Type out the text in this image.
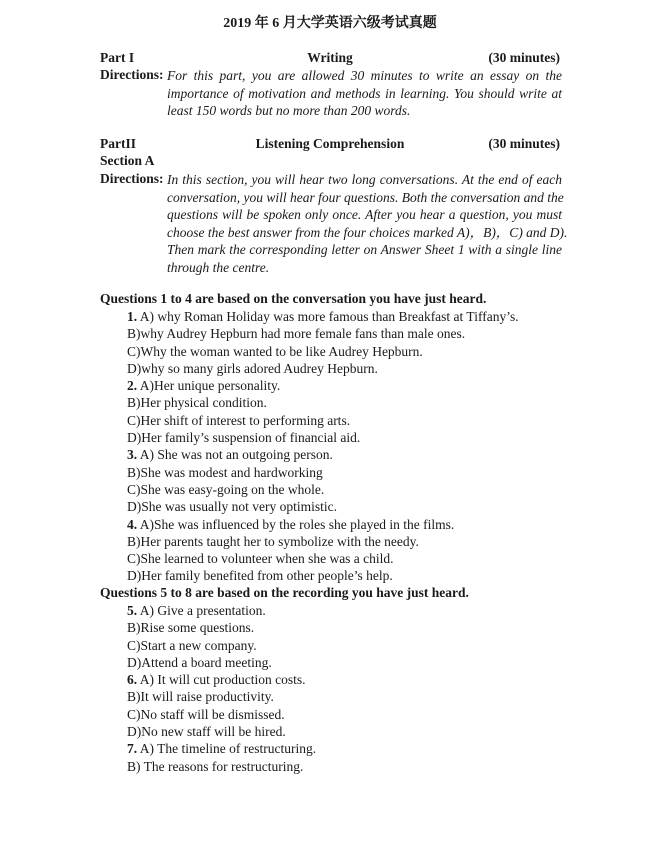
2019 年 6 月大学英语六级考试真题
Part I	Writing	(30 minutes)
Directions: For this part, you are allowed 30 minutes to write an essay on the
importance of motivation and methods in learning. You should write at
least 150 words but no more than 200 words.
PartII	Listening Comprehension	(30 minutes)
Section A
Directions: In this section, you will hear two long conversations. At the end of each
conversation, you will hear four questions. Both the conversation and the
questions will be spoken only once. After you hear a question, you must
choose the best answer from the four choices marked A)，B)，C) and D).
Then mark the corresponding letter on Answer Sheet 1 with a single line
through the centre.
Questions 1 to 4 are based on the conversation you have just heard.
1. A) why Roman Holiday was more famous than Breakfast at Tiffany’s.
B)why Audrey Hepburn had more female fans than male ones.
C)Why the woman wanted to be like Audrey Hepburn.
D)why so many girls adored Audrey Hepburn.
2. A)Her unique personality.
B)Her physical condition.
C)Her shift of interest to performing arts.
D)Her family’s suspension of financial aid.
3. A) She was not an outgoing person.
B)She was modest and hardworking
C)She was easy-going on the whole.
D)She was usually not very optimistic.
4. A)She was influenced by the roles she played in the films.
B)Her parents taught her to symbolize with the needy.
C)She learned to volunteer when she was a child.
D)Her family benefited from other people’s help.
Questions 5 to 8 are based on the recording you have just heard.
5. A) Give a presentation.
B)Rise some questions.
C)Start a new company.
D)Attend a board meeting.
6. A) It will cut production costs.
B)It will raise productivity.
C)No staff will be dismissed.
D)No new staff will be hired.
7. A) The timeline of restructuring.
B) The reasons for restructuring.
